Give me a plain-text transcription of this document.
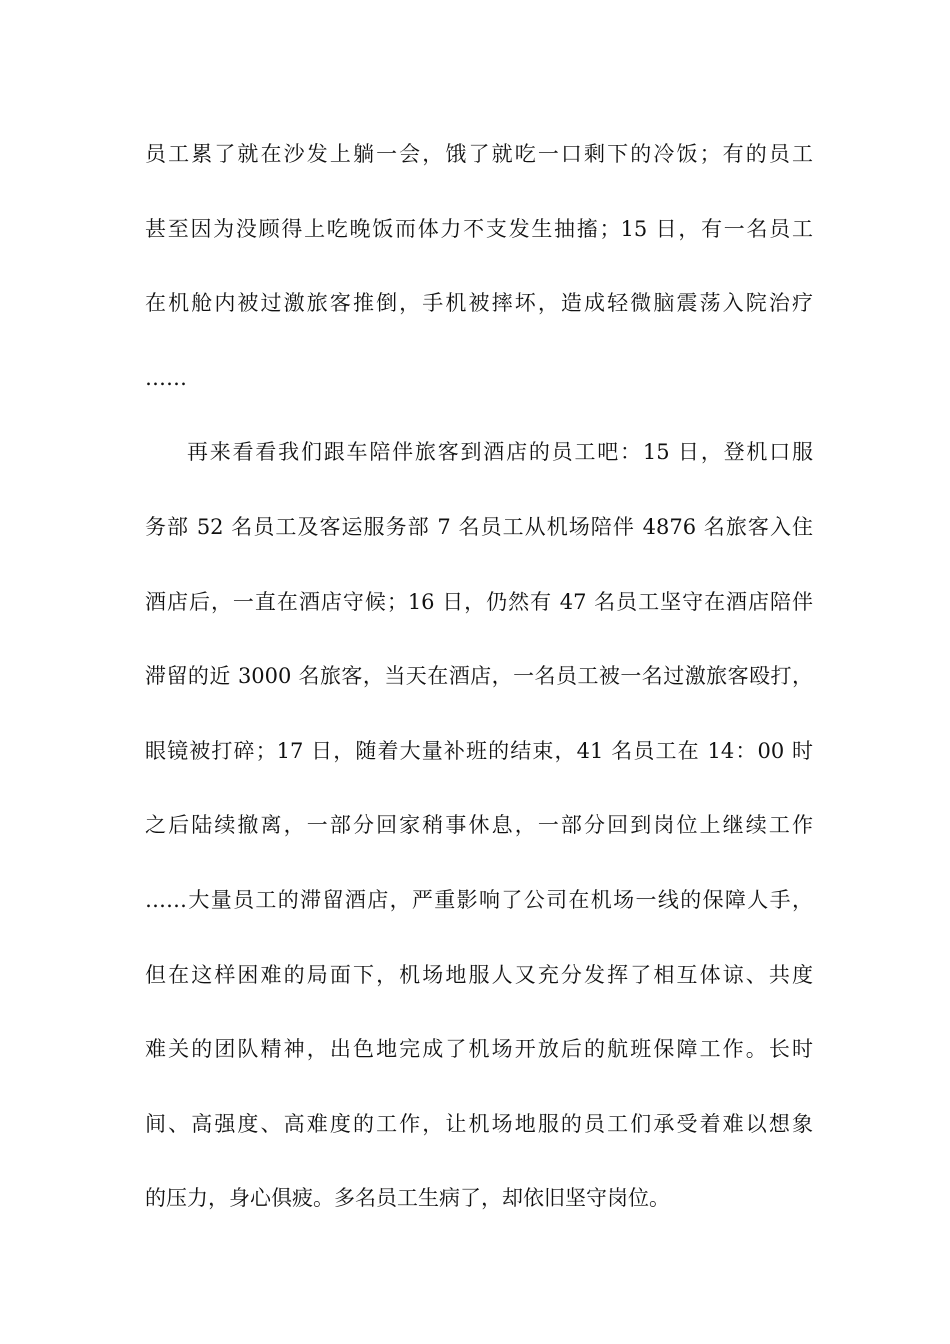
员工累了就在沙发上躺一会，饿了就吃一口剩下的冷饭；有的员工
甚至因为没顾得上吃晚饭而体力不支发生抽搐；15 日，有一名员工
在机舱内被过激旅客推倒，手机被摔坏，造成轻微脑震荡入院治疗
……
再来看看我们跟车陪伴旅客到酒店的员工吧：15 日，登机口服
务部 52 名员工及客运服务部 7 名员工从机场陪伴 4876 名旅客入住
酒店后，一直在酒店守候；16 日，仍然有 47 名员工坚守在酒店陪伴
滞留的近 3000 名旅客，当天在酒店，一名员工被一名过激旅客殴打，
眼镜被打碎；17 日，随着大量补班的结束，41 名员工在 14：00 时
之后陆续撤离，一部分回家稍事休息，一部分回到岗位上继续工作
……大量员工的滞留酒店，严重影响了公司在机场一线的保障人手，
但在这样困难的局面下，机场地服人又充分发挥了相互体谅、共度
难关的团队精神，出色地完成了机场开放后的航班保障工作。长时
间、高强度、高难度的工作，让机场地服的员工们承受着难以想象
的压力，身心俱疲。多名员工生病了，却依旧坚守岗位。
